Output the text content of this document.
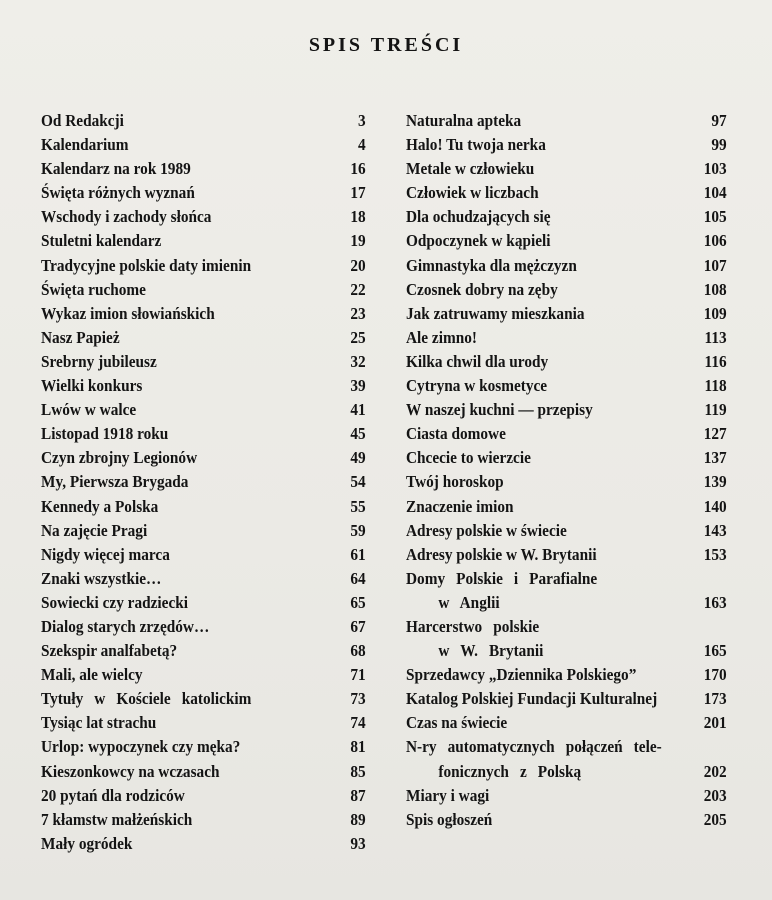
SPIS TREŚCI
Od Redakcji	3
Kalendarium	4
Kalendarz na rok 1989	16
Święta różnych wyznań	17
Wschody i zachody słońca	18
Stuletni kalendarz	19
Tradycyjne polskie daty imienin	20
Święta ruchome	22
Wykaz imion słowiańskich	23
Nasz Papież	25
Srebrny jubileusz	32
Wielki konkurs	39
Lwów w walce	41
Listopad 1918 roku	45
Czyn zbrojny Legionów	49
My, Pierwsza Brygada	54
Kennedy a Polska	55
Na zajęcie Pragi	59
Nigdy więcej marca	61
Znaki wszystkie…	64
Sowiecki czy radziecki	65
Dialog starych zrzędów…	67
Szekspir analfabetą?	68
Mali, ale wielcy	71
Tytuły w Kościele katolickim	73
Tysiąc lat strachu	74
Urlop: wypoczynek czy męka?	81
Kieszonkowcy na wczasach	85
20 pytań dla rodziców	87
7 kłamstw małżeńskich	89
Mały ogródek	93
Naturalna apteka	97
Halo! Tu twoja nerka	99
Metale w człowieku	103
Człowiek w liczbach	104
Dla ochudzających się	105
Odpoczynek w kąpieli	106
Gimnastyka dla mężczyzn	107
Czosnek dobry na zęby	108
Jak zatruwamy mieszkania	109
Ale zimno!	113
Kilka chwil dla urody	116
Cytryna w kosmetyce	118
W naszej kuchni — przepisy	119
Ciasta domowe	127
Chcecie to wierzcie	137
Twój horoskop	139
Znaczenie imion	140
Adresy polskie w świecie	143
Adresy polskie w W. Brytanii	153
Domy Polskie i Parafialne
w Anglii	163
Harcerstwo polskie
w W. Brytanii	165
Sprzedawcy „Dziennika Polskiego”	170
Katalog Polskiej Fundacji Kulturalnej	173
Czas na świecie	201
N-ry automatycznych połączeń tele-
fonicznych z Polską	202
Miary i wagi	203
Spis ogłoszeń	205
